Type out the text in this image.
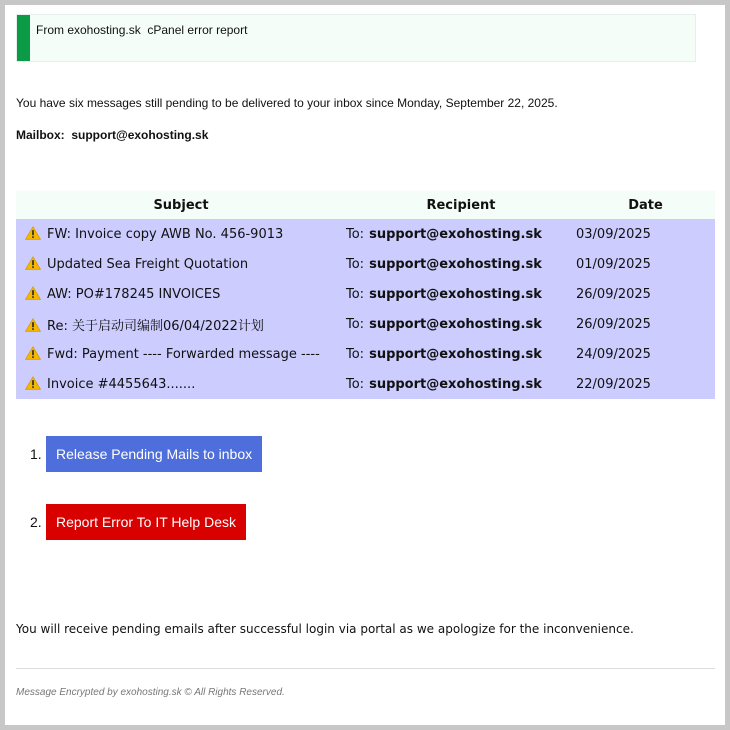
From exohosting.sk  cPanel error report
You have six messages still pending to be delivered to your inbox since Monday, September 22, 2025.
Mailbox: support@exohosting.sk
Subject	Recipient	Date
FW: Invoice copy AWB No. 456-9013	To: support@exohosting.sk	03/09/2025
Updated Sea Freight Quotation	To: support@exohosting.sk	01/09/2025
AW: PO#178245 INVOICES	To: support@exohosting.sk	26/09/2025
Re: 关于启动司编制06/04/2022计划	To: support@exohosting.sk	26/09/2025
Fwd: Payment ---- Forwarded message ----	To: support@exohosting.sk	24/09/2025
Invoice #4455643.......	To: support@exohosting.sk	22/09/2025
1.	Release Pending Mails to inbox
2.	Report Error To IT Help Desk
You will receive pending emails after successful login via portal as we apologize for the inconvenience.
Message Encrypted by exohosting.sk © All Rights Reserved.
